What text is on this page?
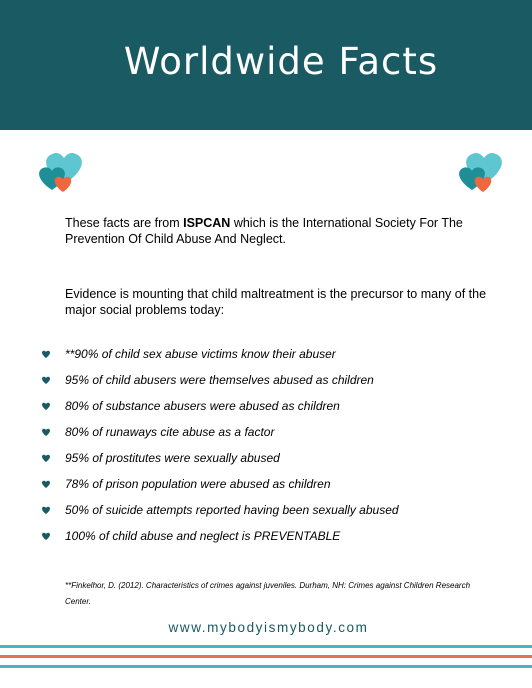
Worldwide Facts

These facts are from ISPCAN which is the International Society For The Prevention Of Child Abuse And Neglect.

Evidence is mounting that child maltreatment is the precursor to many of the major social problems today:

**90% of child sex abuse victims know their abuser
95% of child abusers were themselves abused as children
80% of substance abusers were abused as children
80% of runaways cite abuse as a factor
95% of prostitutes were sexually abused
78% of prison population were abused as children
50% of suicide attempts reported having been sexually abused
100% of child abuse and neglect is PREVENTABLE

**Finkelhor, D. (2012). Characteristics of crimes against juveniles. Durham, NH: Crimes against Children Research Center.

www.mybodyismybody.com
